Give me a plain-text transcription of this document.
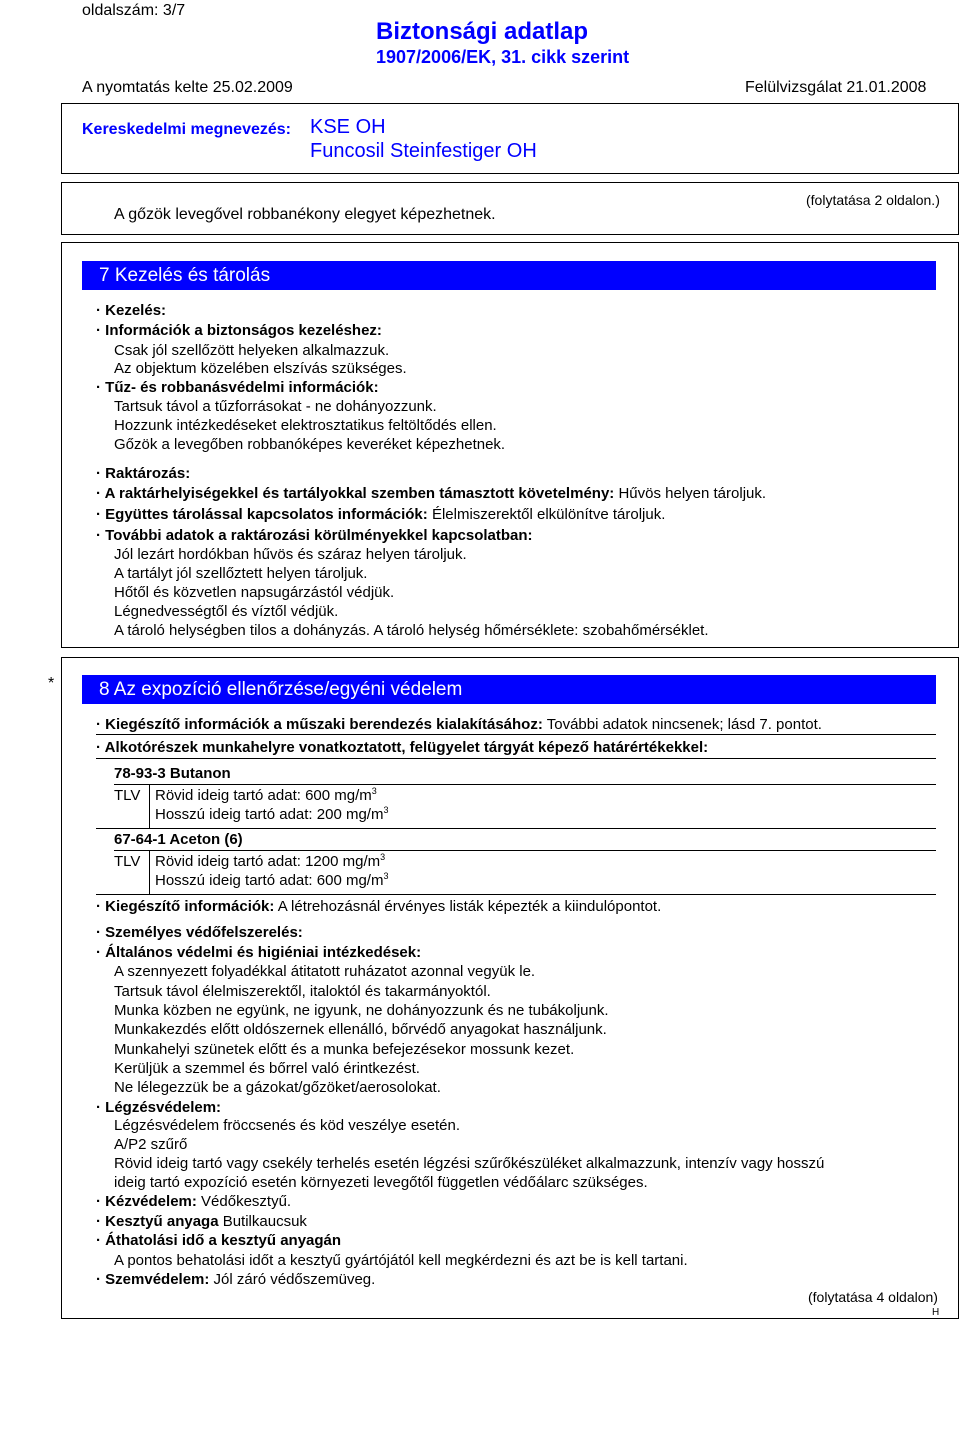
oldalszám: 3/7
Biztonsági adatlap
1907/2006/EK, 31. cikk szerint
A nyomtatás kelte 25.02.2009	Felülvizsgálat 21.01.2008
Kereskedelmi megnevezés: KSE OH
Funcosil Steinfestiger OH
(folytatása 2 oldalon.)
A gőzök levegővel robbanékony elegyet képezhetnek.
7 Kezelés és tárolás
· Kezelés:
· Információk a biztonságos kezeléshez:
Csak jól szellőzött helyeken alkalmazzuk.
Az objektum közelében elszívás szükséges.
· Tűz- és robbanásvédelmi információk:
Tartsuk távol a tűzforrásokat - ne dohányozzunk.
Hozzunk intézkedéseket elektrosztatikus feltöltődés ellen.
Gőzök a levegőben robbanóképes keveréket képezhetnek.
· Raktározás:
· A raktárhelyiségekkel és tartályokkal szemben támasztott követelmény: Hűvös helyen tároljuk.
· Együttes tárolással kapcsolatos információk: Élelmiszerektől elkülönítve tároljuk.
· További adatok a raktározási körülményekkel kapcsolatban:
Jól lezárt hordókban hűvös és száraz helyen tároljuk.
A tartályt jól szellőztett helyen tároljuk.
Hőtől és közvetlen napsugárzástól védjük.
Légnedvességtől és víztől védjük.
A tároló helységben tilos a dohányzás. A tároló helység hőmérséklete: szobahőmérséklet.
*	8 Az expozíció ellenőrzése/egyéni védelem
· Kiegészítő információk a műszaki berendezés kialakításához: További adatok nincsenek; lásd 7. pontot.
· Alkotórészek munkahelyre vonatkoztatott, felügyelet tárgyát képező határértékekkel:
78-93-3 Butanon
TLV Rövid ideig tartó adat: 600 $mg/m^3$
Hosszú ideig tartó adat: 200 $mg/m^3$
67-64-1 Aceton (6)
TLV Rövid ideig tartó adat: 1200 $mg/m^3$
Hosszú ideig tartó adat: 600 $mg/m^3$
· Kiegészítő információk: A létrehozásnál érvényes listák képezték a kiindulópontot.
· Személyes védőfelszerelés:
· Általános védelmi és higiéniai intézkedések:
A szennyezett folyadékkal átitatott ruházatot azonnal vegyük le.
Tartsuk távol élelmiszerektől, italoktól és takarmányoktól.
Munka közben ne együnk, ne igyunk, ne dohányozzunk és ne tubákoljunk.
Munkakezdés előtt oldószernek ellenálló, bőrvédő anyagokat használjunk.
Munkahelyi szünetek előtt és a munka befejezésekor mossunk kezet.
Kerüljük a szemmel és bőrrel való érintkezést.
Ne lélegezzük be a gázokat/gőzöket/aerosolokat.
· Légzésvédelem:
Légzésvédelem fröccsenés és köd veszélye esetén.
A/P2 szűrő
Rövid ideig tartó vagy csekély terhelés esetén légzési szűrőkészüléket alkalmazzunk, intenzív vagy hosszú
ideig tartó expozíció esetén környezeti levegőtől független védőálarc szükséges.
· Kézvédelem: Védőkesztyű.
· Kesztyű anyaga Butilkaucsuk
· Áthatolási idő a kesztyű anyagán
A pontos behatolási időt a kesztyű gyártójától kell megkérdezni és azt be is kell tartani.
· Szemvédelem: Jól záró védőszemüveg.
(folytatása 4 oldalon)
H
